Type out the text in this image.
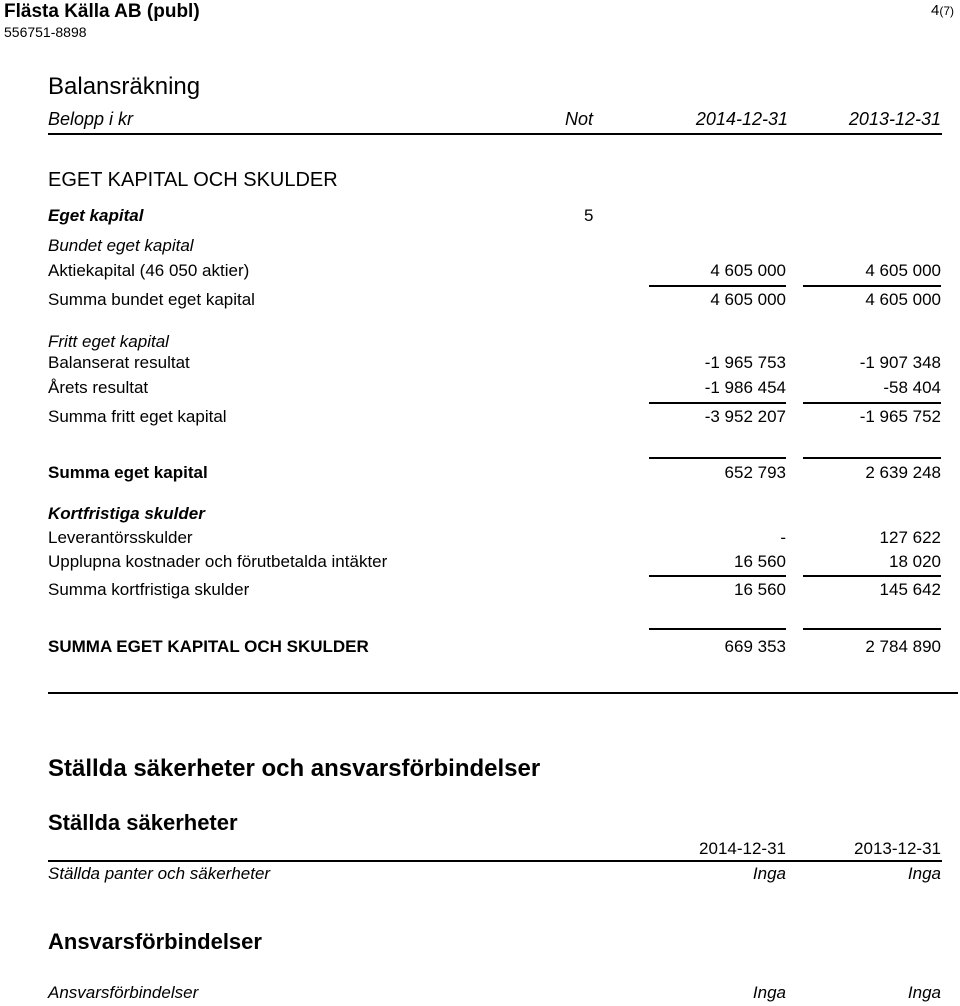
Flästa Källa AB (publ)
556751-8898
4(7)
Balansräkning
Belopp i kr	Not	2014-12-31	2013-12-31
EGET KAPITAL OCH SKULDER
Eget kapital	5
Bundet eget kapital
Aktiekapital (46 050 aktier)	4 605 000	4 605 000
Summa bundet eget kapital	4 605 000	4 605 000
Fritt eget kapital
Balanserat resultat	-1 965 753	-1 907 348
Årets resultat	-1 986 454	-58 404
Summa fritt eget kapital	-3 952 207	-1 965 752
Summa eget kapital	652 793	2 639 248
Kortfristiga skulder
Leverantörsskulder	-	127 622
Upplupna kostnader och förutbetalda intäkter	16 560	18 020
Summa kortfristiga skulder	16 560	145 642
SUMMA EGET KAPITAL OCH SKULDER	669 353	2 784 890
Ställda säkerheter och ansvarsförbindelser
Ställda säkerheter
2014-12-31	2013-12-31
Ställda panter och säkerheter	Inga	Inga
Ansvarsförbindelser
Ansvarsförbindelser	Inga	Inga
